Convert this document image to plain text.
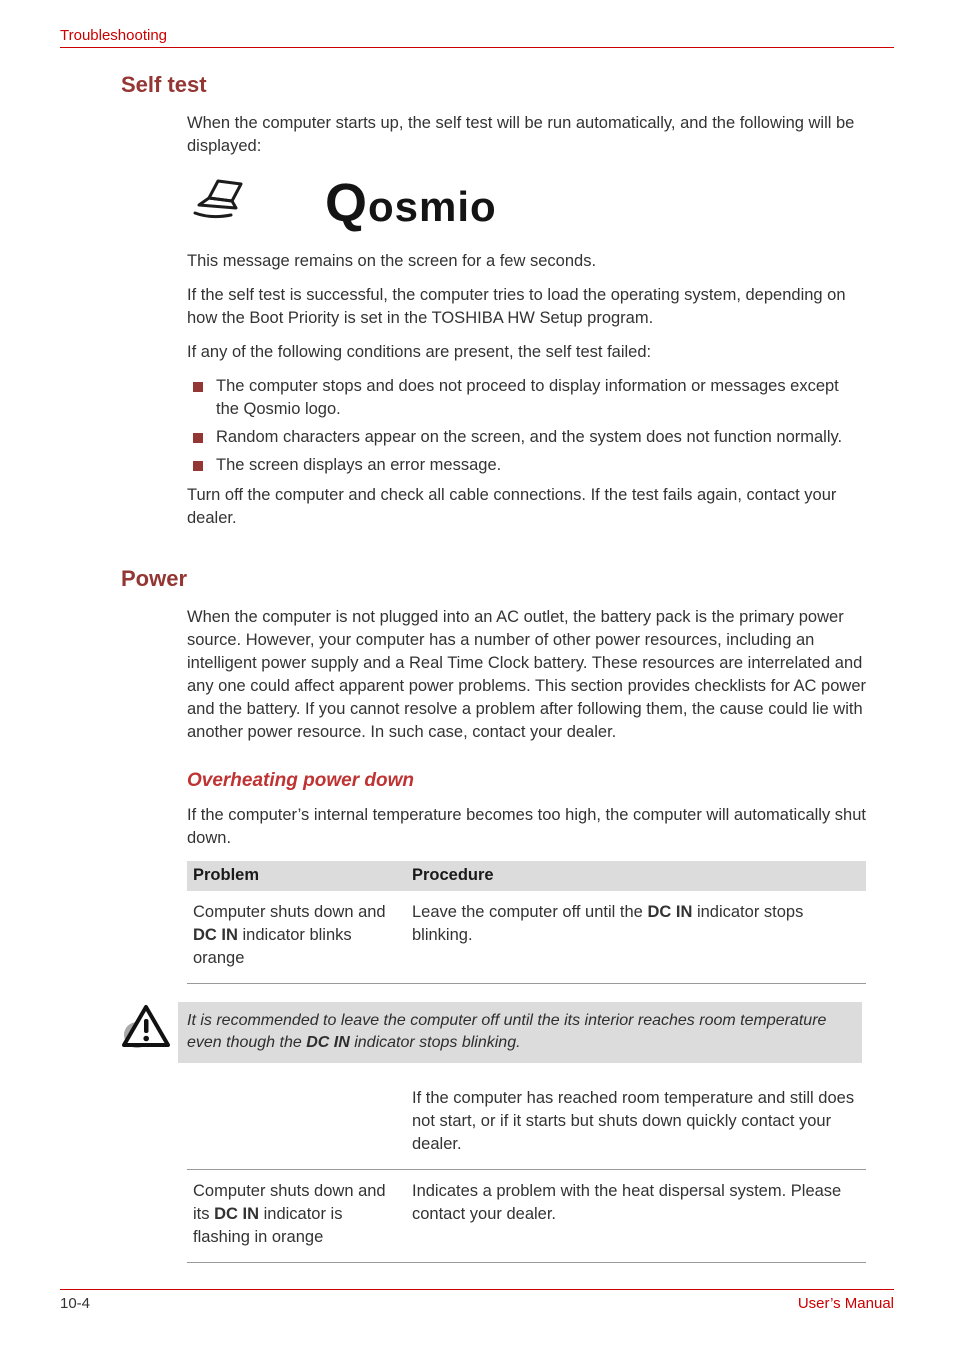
Troubleshooting
Self test

When the computer starts up, the self test will be run automatically, and the following will be displayed:

Qosmio

This message remains on the screen for a few seconds.

If the self test is successful, the computer tries to load the operating system, depending on how the Boot Priority is set in the TOSHIBA HW Setup program.

If any of the following conditions are present, the self test failed:

The computer stops and does not proceed to display information or messages except the Qosmio logo.
Random characters appear on the screen, and the system does not function normally.
The screen displays an error message.

Turn off the computer and check all cable connections. If the test fails again, contact your dealer.

Power

When the computer is not plugged into an AC outlet, the battery pack is the primary power source. However, your computer has a number of other power resources, including an intelligent power supply and a Real Time Clock battery. These resources are interrelated and any one could affect apparent power problems. This section provides checklists for AC power and the battery. If you cannot resolve a problem after following them, the cause could lie with another power resource. In such case, contact your dealer.

Overheating power down

If the computer’s internal temperature becomes too high, the computer will automatically shut down.

Problem	Procedure
Computer shuts down and DC IN indicator blinks orange
Leave the computer off until the DC IN indicator stops blinking.
It is recommended to leave the computer off until the its interior reaches room temperature even though the DC IN indicator stops blinking.
If the computer has reached room temperature and still does not start, or if it starts but shuts down quickly contact your dealer.
Computer shuts down and its DC IN indicator is flashing in orange
Indicates a problem with the heat dispersal system. Please contact your dealer.
10-4	User’s Manual
